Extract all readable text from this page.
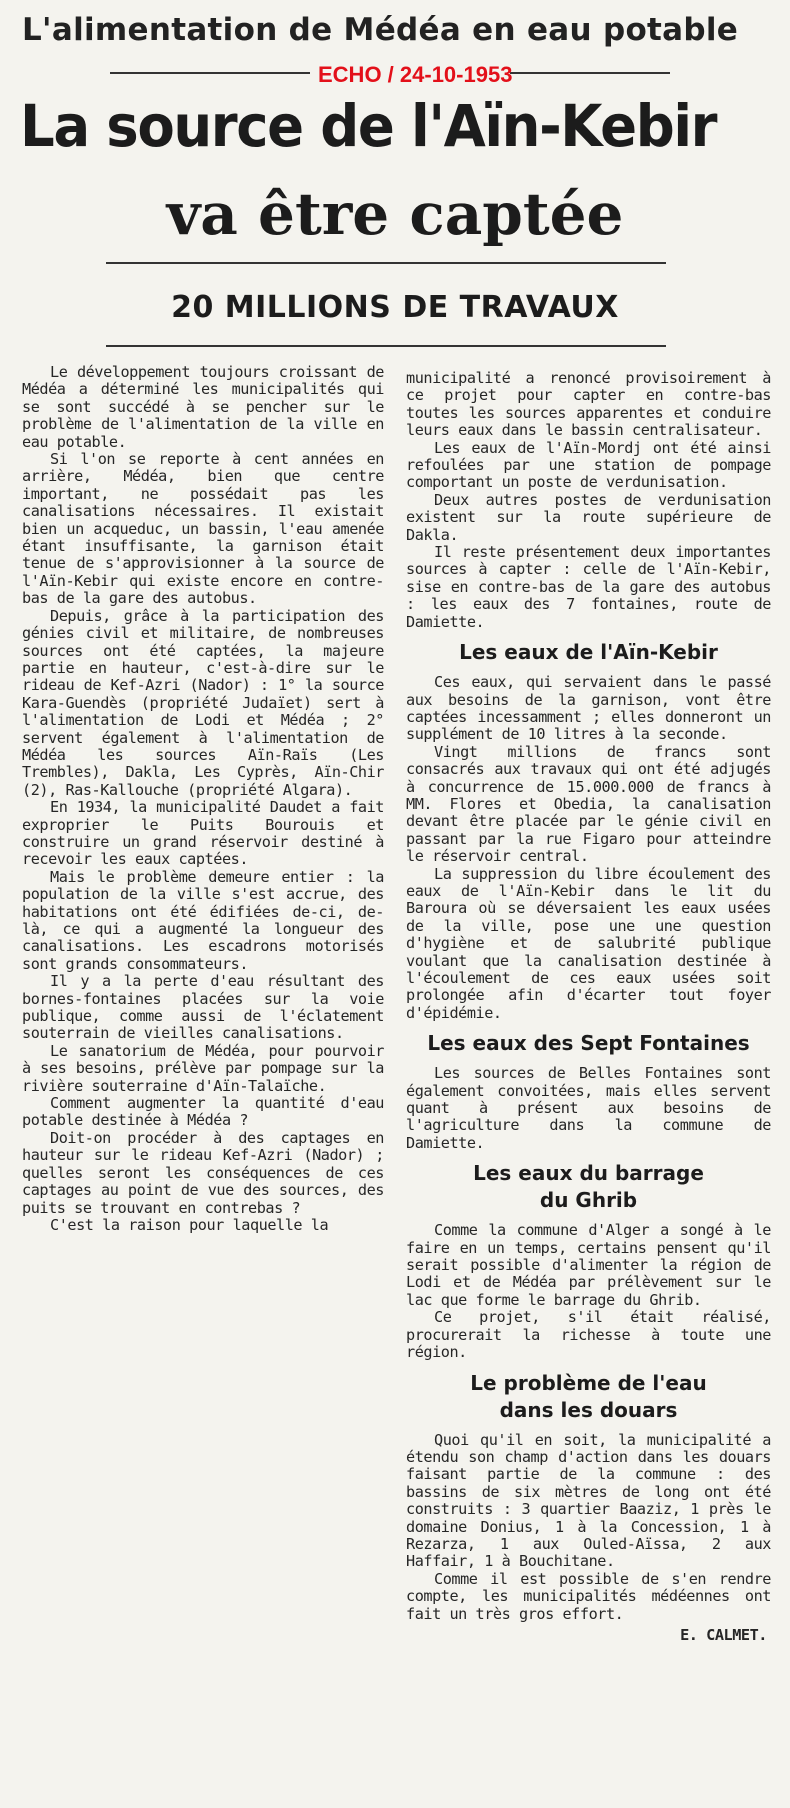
L'alimentation de Médéa en eau potable
ECHO / 24-10-1953
La source de l'Aïn-Kebir
va être captée
20 MILLIONS DE TRAVAUX

Le développement toujours croissant de Médéa a déterminé les municipalités qui se sont succédé à se pencher sur le problème de l'alimentation de la ville en eau potable.

Si l'on se reporte à cent années en arrière, Médéa, bien que centre important, ne possédait pas les canalisations nécessaires. Il existait bien un acqueduc, un bassin, l'eau amenée étant insuffisante, la garnison était tenue de s'approvisionner à la source de l'Aïn-Kebir qui existe encore en contre-bas de la gare des autobus.

Depuis, grâce à la participation des génies civil et militaire, de nombreuses sources ont été captées, la majeure partie en hauteur, c'est-à-dire sur le rideau de Kef-Azri (Nador) : 1° la source Kara-Guendès (propriété Judaïet) sert à l'alimentation de Lodi et Médéa ; 2° servent également à l'alimentation de Médéa les sources Aïn-Raïs (Les Trembles), Dakla, Les Cyprès, Aïn-Chir (2), Ras-Kallouche (propriété Algara).

En 1934, la municipalité Daudet a fait exproprier le Puits Bourouis et construire un grand réservoir destiné à recevoir les eaux captées.

Mais le problème demeure entier : la population de la ville s'est accrue, des habitations ont été édifiées de-ci, de-là, ce qui a augmenté la longueur des canalisations. Les escadrons motorisés sont grands consommateurs.

Il y a la perte d'eau résultant des bornes-fontaines placées sur la voie publique, comme aussi de l'éclatement souterrain de vieilles canalisations.

Le sanatorium de Médéa, pour pourvoir à ses besoins, prélève par pompage sur la rivière souterraine d'Aïn-Talaïche.

Comment augmenter la quantité d'eau potable destinée à Médéa ?

Doit-on procéder à des captages en hauteur sur le rideau Kef-Azri (Nador) ; quelles seront les conséquences de ces captages au point de vue des sources, des puits se trouvant en contrebas ?

C'est la raison pour laquelle la

municipalité a renoncé provisoirement à ce projet pour capter en contre-bas toutes les sources apparentes et conduire leurs eaux dans le bassin centralisateur.

Les eaux de l'Aïn-Mordj ont été ainsi refoulées par une station de pompage comportant un poste de verdunisation.

Deux autres postes de verdunisation existent sur la route supérieure de Dakla.

Il reste présentement deux importantes sources à capter : celle de l'Aïn-Kebir, sise en contre-bas de la gare des autobus : les eaux des 7 fontaines, route de Damiette.

Les eaux de l'Aïn-Kebir

Ces eaux, qui servaient dans le passé aux besoins de la garnison, vont être captées incessamment ; elles donneront un supplément de 10 litres à la seconde.

Vingt millions de francs sont consacrés aux travaux qui ont été adjugés à concurrence de 15.000.000 de francs à MM. Flores et Obedia, la canalisation devant être placée par le génie civil en passant par la rue Figaro pour atteindre le réservoir central.

La suppression du libre écoulement des eaux de l'Aïn-Kebir dans le lit du Baroura où se déversaient les eaux usées de la ville, pose une une question d'hygiène et de salubrité publique voulant que la canalisation destinée à l'écoulement de ces eaux usées soit prolongée afin d'écarter tout foyer d'épidémie.

Les eaux des Sept Fontaines

Les sources de Belles Fontaines sont également convoitées, mais elles servent quant à présent aux besoins de l'agriculture dans la commune de Damiette.

Les eaux du barrage
du Ghrib

Comme la commune d'Alger a songé à le faire en un temps, certains pensent qu'il serait possible d'alimenter la région de Lodi et de Médéa par prélèvement sur le lac que forme le barrage du Ghrib.

Ce projet, s'il était réalisé, procurerait la richesse à toute une région.

Le problème de l'eau
dans les douars

Quoi qu'il en soit, la municipalité a étendu son champ d'action dans les douars faisant partie de la commune : des bassins de six mètres de long ont été construits : 3 quartier Baaziz, 1 près le domaine Donius, 1 à la Concession, 1 à Rezarza, 1 aux Ouled-Aïssa, 2 aux Haffair, 1 à Bouchitane.

Comme il est possible de s'en rendre compte, les municipalités médéennes ont fait un très gros effort.

E. CALMET.
